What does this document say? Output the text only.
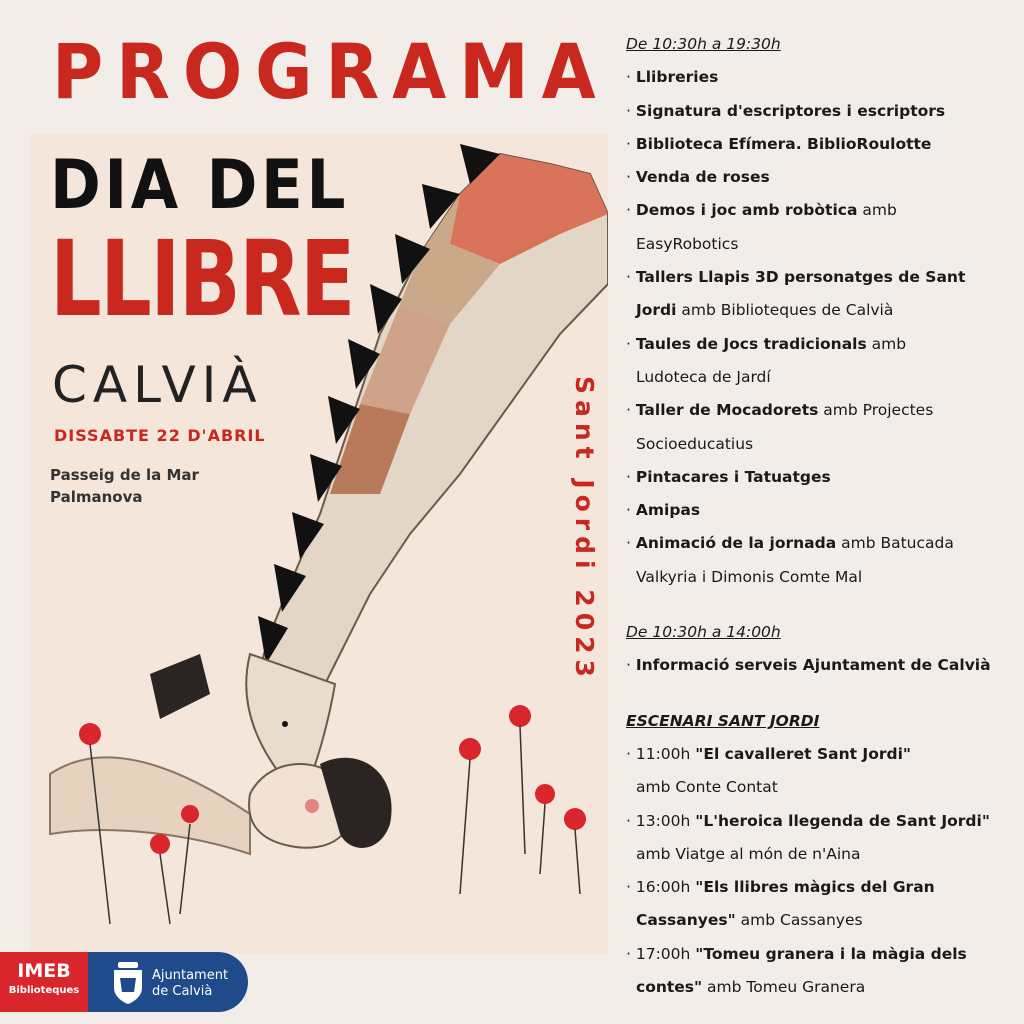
PROGRAMA
DIA DEL
LLIBRE
CALVIÀ
DISSABTE 22 D'ABRIL
Passeig de la Mar
Palmanova	Sant Jordi 2023
De 10:30h a 19:30h
· Llibreries
· Signatura d'escriptores i escriptors
· Biblioteca Efímera. BiblioRoulotte
· Venda de roses
· Demos i joc amb robòtica amb
EasyRobotics
· Tallers Llapis 3D personatges de Sant
Jordi amb Biblioteques de Calvià
· Taules de Jocs tradicionals amb
Ludoteca de Jardí
· Taller de Mocadorets amb Projectes
Socioeducatius
· Pintacares i Tatuatges
· Amipas
· Animació de la jornada amb Batucada
Valkyria i Dimonis Comte Mal
De 10:30h a 14:00h
· Informació serveis Ajuntament de Calvià
ESCENARI SANT JORDI
· 11:00h "El cavalleret Sant Jordi"
amb Conte Contat
· 13:00h "L'heroica llegenda de Sant Jordi"
amb Viatge al món de n'Aina
· 16:00h "Els llibres màgics del Gran
Cassanyes" amb Cassanyes
· 17:00h "Tomeu granera i la màgia dels
contes" amb Tomeu Granera
IMEB
Biblioteques
Ajuntament
de Calvià
